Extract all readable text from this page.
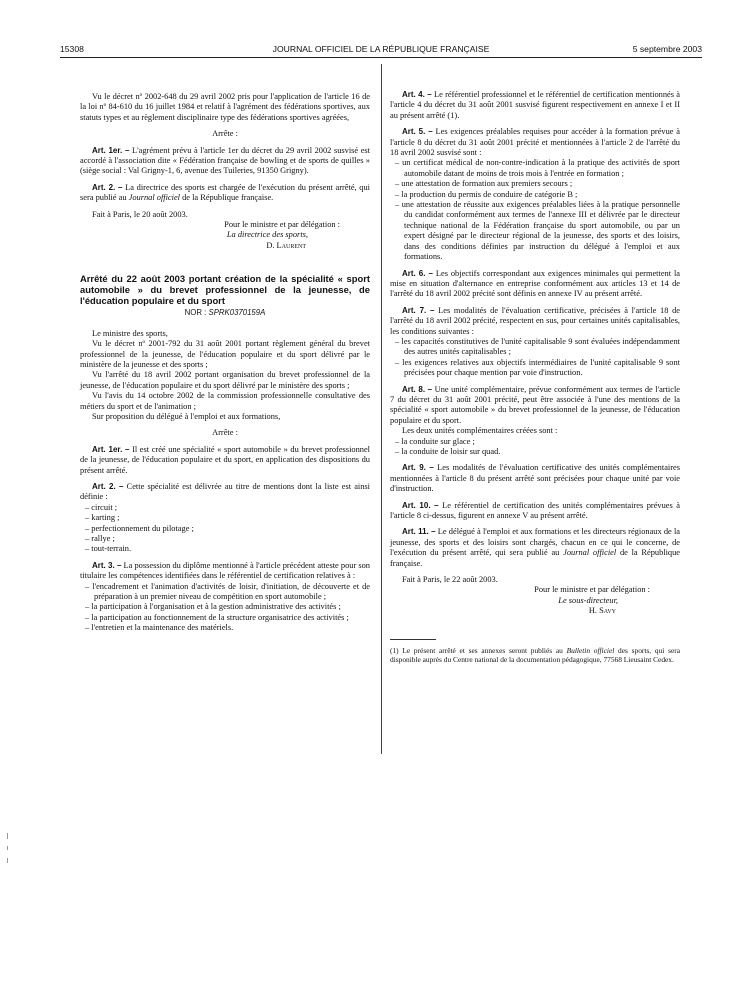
15308	JOURNAL OFFICIEL DE LA RÉPUBLIQUE FRANÇAISE	5 septembre 2003

Vu le décret nº 2002-648 du 29 avril 2002 pris pour l'application de l'article 16 de la loi nº 84-610 du 16 juillet 1984 et relatif à l'agrément des fédérations sportives, aux statuts types et au règlement disciplinaire type des fédérations sportives agréées,

Arrête :

Art. 1er. – L'agrément prévu à l'article 1er du décret du 29 avril 2002 susvisé est accordé à l'association dite « Fédération française de bowling et de sports de quilles » (siège social : Val Grigny-1, 6, avenue des Tuileries, 91350 Grigny).

Art. 2. – La directrice des sports est chargée de l'exécution du présent arrêté, qui sera publié au Journal officiel de la République française.

Fait à Paris, le 20 août 2003.

Pour le ministre et par délégation :

La directrice des sports,

D. Laurent

Arrêté du 22 août 2003 portant création de la spécialité « sport automobile » du brevet professionnel de la jeunesse, de l'éducation populaire et du sport

NOR : SPRK0370159A

Le ministre des sports,

Vu le décret nº 2001-792 du 31 août 2001 portant règlement général du brevet professionnel de la jeunesse, de l'éducation populaire et du sport délivré par le ministère de la jeunesse et des sports ;

Vu l'arrêté du 18 avril 2002 portant organisation du brevet professionnel de la jeunesse, de l'éducation populaire et du sport délivré par le ministère des sports ;

Vu l'avis du 14 octobre 2002 de la commission professionnelle consultative des métiers du sport et de l'animation ;

Sur proposition du délégué à l'emploi et aux formations,

Arrête :

Art. 1er. – Il est créé une spécialité « sport automobile » du brevet professionnel de la jeunesse, de l'éducation populaire et du sport, en application des dispositions du présent arrêté.

Art. 2. – Cette spécialité est délivrée au titre de mentions dont la liste est ainsi définie :

– circuit ;
– karting ;
– perfectionnement du pilotage ;
– rallye ;
– tout-terrain.

Art. 3. – La possession du diplôme mentionné à l'article précédent atteste pour son titulaire les compétences identifiées dans le référentiel de certification relatives à :

– l'encadrement et l'animation d'activités de loisir, d'initiation, de découverte et de préparation à un premier niveau de compétition en sport automobile ;
– la participation à l'organisation et à la gestion administrative des activités ;
– la participation au fonctionnement de la structure organisatrice des activités ;
– l'entretien et la maintenance des matériels.

Art. 4. – Le référentiel professionnel et le référentiel de certification mentionnés à l'article 4 du décret du 31 août 2001 susvisé figurent respectivement en annexe I et II au présent arrêté (1).

Art. 5. – Les exigences préalables requises pour accéder à la formation prévue à l'article 8 du décret du 31 août 2001 précité et mentionnées à l'article 2 de l'arrêté du 18 avril 2002 susvisé sont :

– un certificat médical de non-contre-indication à la pratique des activités de sport automobile datant de moins de trois mois à l'entrée en formation ;
– une attestation de formation aux premiers secours ;
– la production du permis de conduire de catégorie B ;
– une attestation de réussite aux exigences préalables liées à la pratique personnelle du candidat conformément aux termes de l'annexe III et délivrée par le directeur technique national de la Fédération française du sport automobile, ou par un expert désigné par le directeur régional de la jeunesse, des sports et des loisirs, dans des conditions définies par instruction du délégué à l'emploi et aux formations.

Art. 6. – Les objectifs correspondant aux exigences minimales qui permettent la mise en situation d'alternance en entreprise conformément aux articles 13 et 14 de l'arrêté du 18 avril 2002 précité sont définis en annexe IV au présent arrêté.

Art. 7. – Les modalités de l'évaluation certificative, précisées à l'article 18 de l'arrêté du 18 avril 2002 précité, respectent en sus, pour certaines unités capitalisables, les conditions suivantes :

– les capacités constitutives de l'unité capitalisable 9 sont évaluées indépendamment des autres unités capitalisables ;
– les exigences relatives aux objectifs intermédiaires de l'unité capitalisable 9 sont précisées pour chaque mention par voie d'instruction.

Art. 8. – Une unité complémentaire, prévue conformément aux termes de l'article 7 du décret du 31 août 2001 précité, peut être associée à l'une des mentions de la spécialité « sport automobile » du brevet professionnel de la jeunesse, de l'éducation populaire et du sport.

Les deux unités complémentaires créées sont :

– la conduite sur glace ;
– la conduite de loisir sur quad.

Art. 9. – Les modalités de l'évaluation certificative des unités complémentaires mentionnées à l'article 8 du présent arrêté sont précisées pour chaque unité par voie d'instruction.

Art. 10. – Le référentiel de certification des unités complémentaires prévues à l'article 8 ci-dessus, figurent en annexe V au présent arrêté.

Art. 11. – Le délégué à l'emploi et aux formations et les directeurs régionaux de la jeunesse, des sports et des loisirs sont chargés, chacun en ce qui le concerne, de l'exécution du présent arrêté, qui sera publié au Journal officiel de la République française.

Fait à Paris, le 22 août 2003.

Pour le ministre et par délégation :

Le sous-directeur,

H. Savy

(1) Le présent arrêté et ses annexes seront publiés au Bulletin officiel des sports, qui sera disponible auprès du Centre national de la documentation pédagogique, 77568 Lieusaint Cedex.
